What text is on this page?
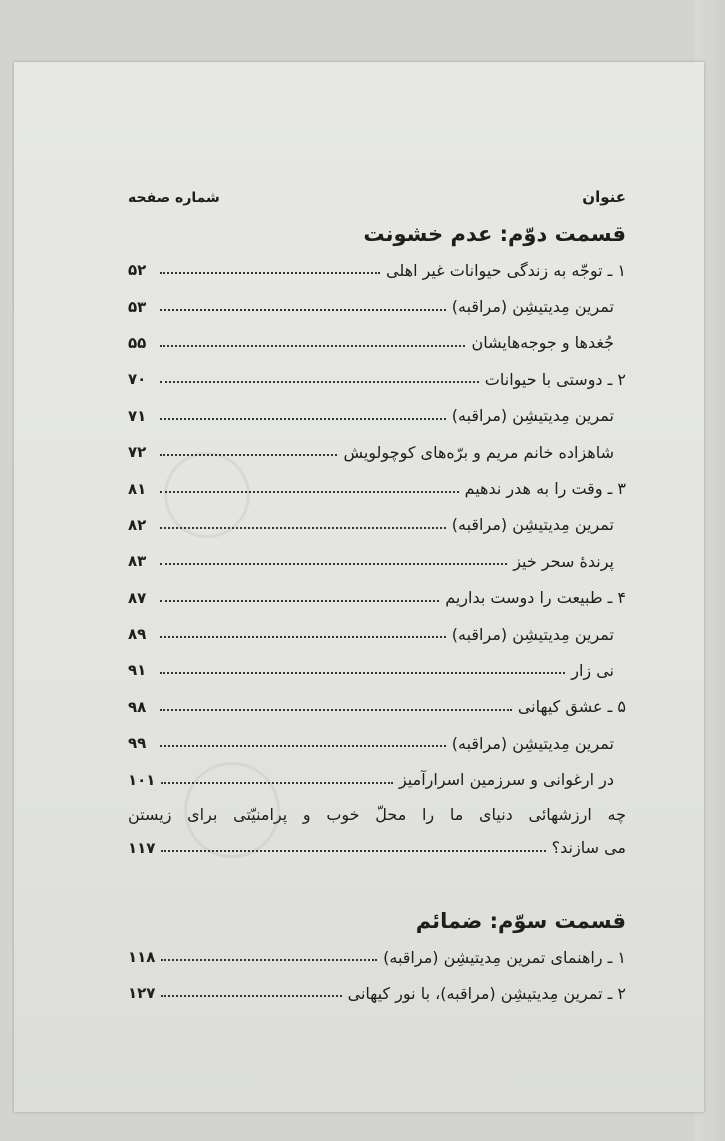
عنوان
شماره صفحه
قسمت دوّم: عدم خشونت
۱ ـ توجّه به زندگی حیوانات غیر اهلی
۵۲
تمرین مِدیتیشِن (مراقبه)
۵۳
جُغدها و جوجه‌هایشان
۵۵
۲ ـ دوستی با حیوانات
۷۰
تمرین مِدیتیشِن (مراقبه)
۷۱
شاهزاده خانم مریم و برّه‌های کوچولویش
۷۲
۳ ـ وقت را به هدر ندهیم
۸۱
تمرین مِدیتیشِن (مراقبه)
۸۲
پرندهٔ سحر خیز
۸۳
۴ ـ طبیعت را دوست بداریم
۸۷
تمرین مِدیتیشِن (مراقبه)
۸۹
نی زار
۹۱
۵ ـ عشق کیهانی
۹۸
تمرین مِدیتیشِن (مراقبه)
۹۹
در ارغوانی و سرزمین اسرارآمیز
۱۰۱
چه ارزشهائی دنیای ما را محلّ خوب و پرامنیّتی برای زیستن
می سازند؟
۱۱۷
قسمت سوّم: ضمائم
۱ ـ راهنمای تمرین مِدیتیشِن (مراقبه)
۱۱۸
۲ ـ تمرین مِدیتیشِن (مراقبه)، با نور کیهانی
۱۲۷
